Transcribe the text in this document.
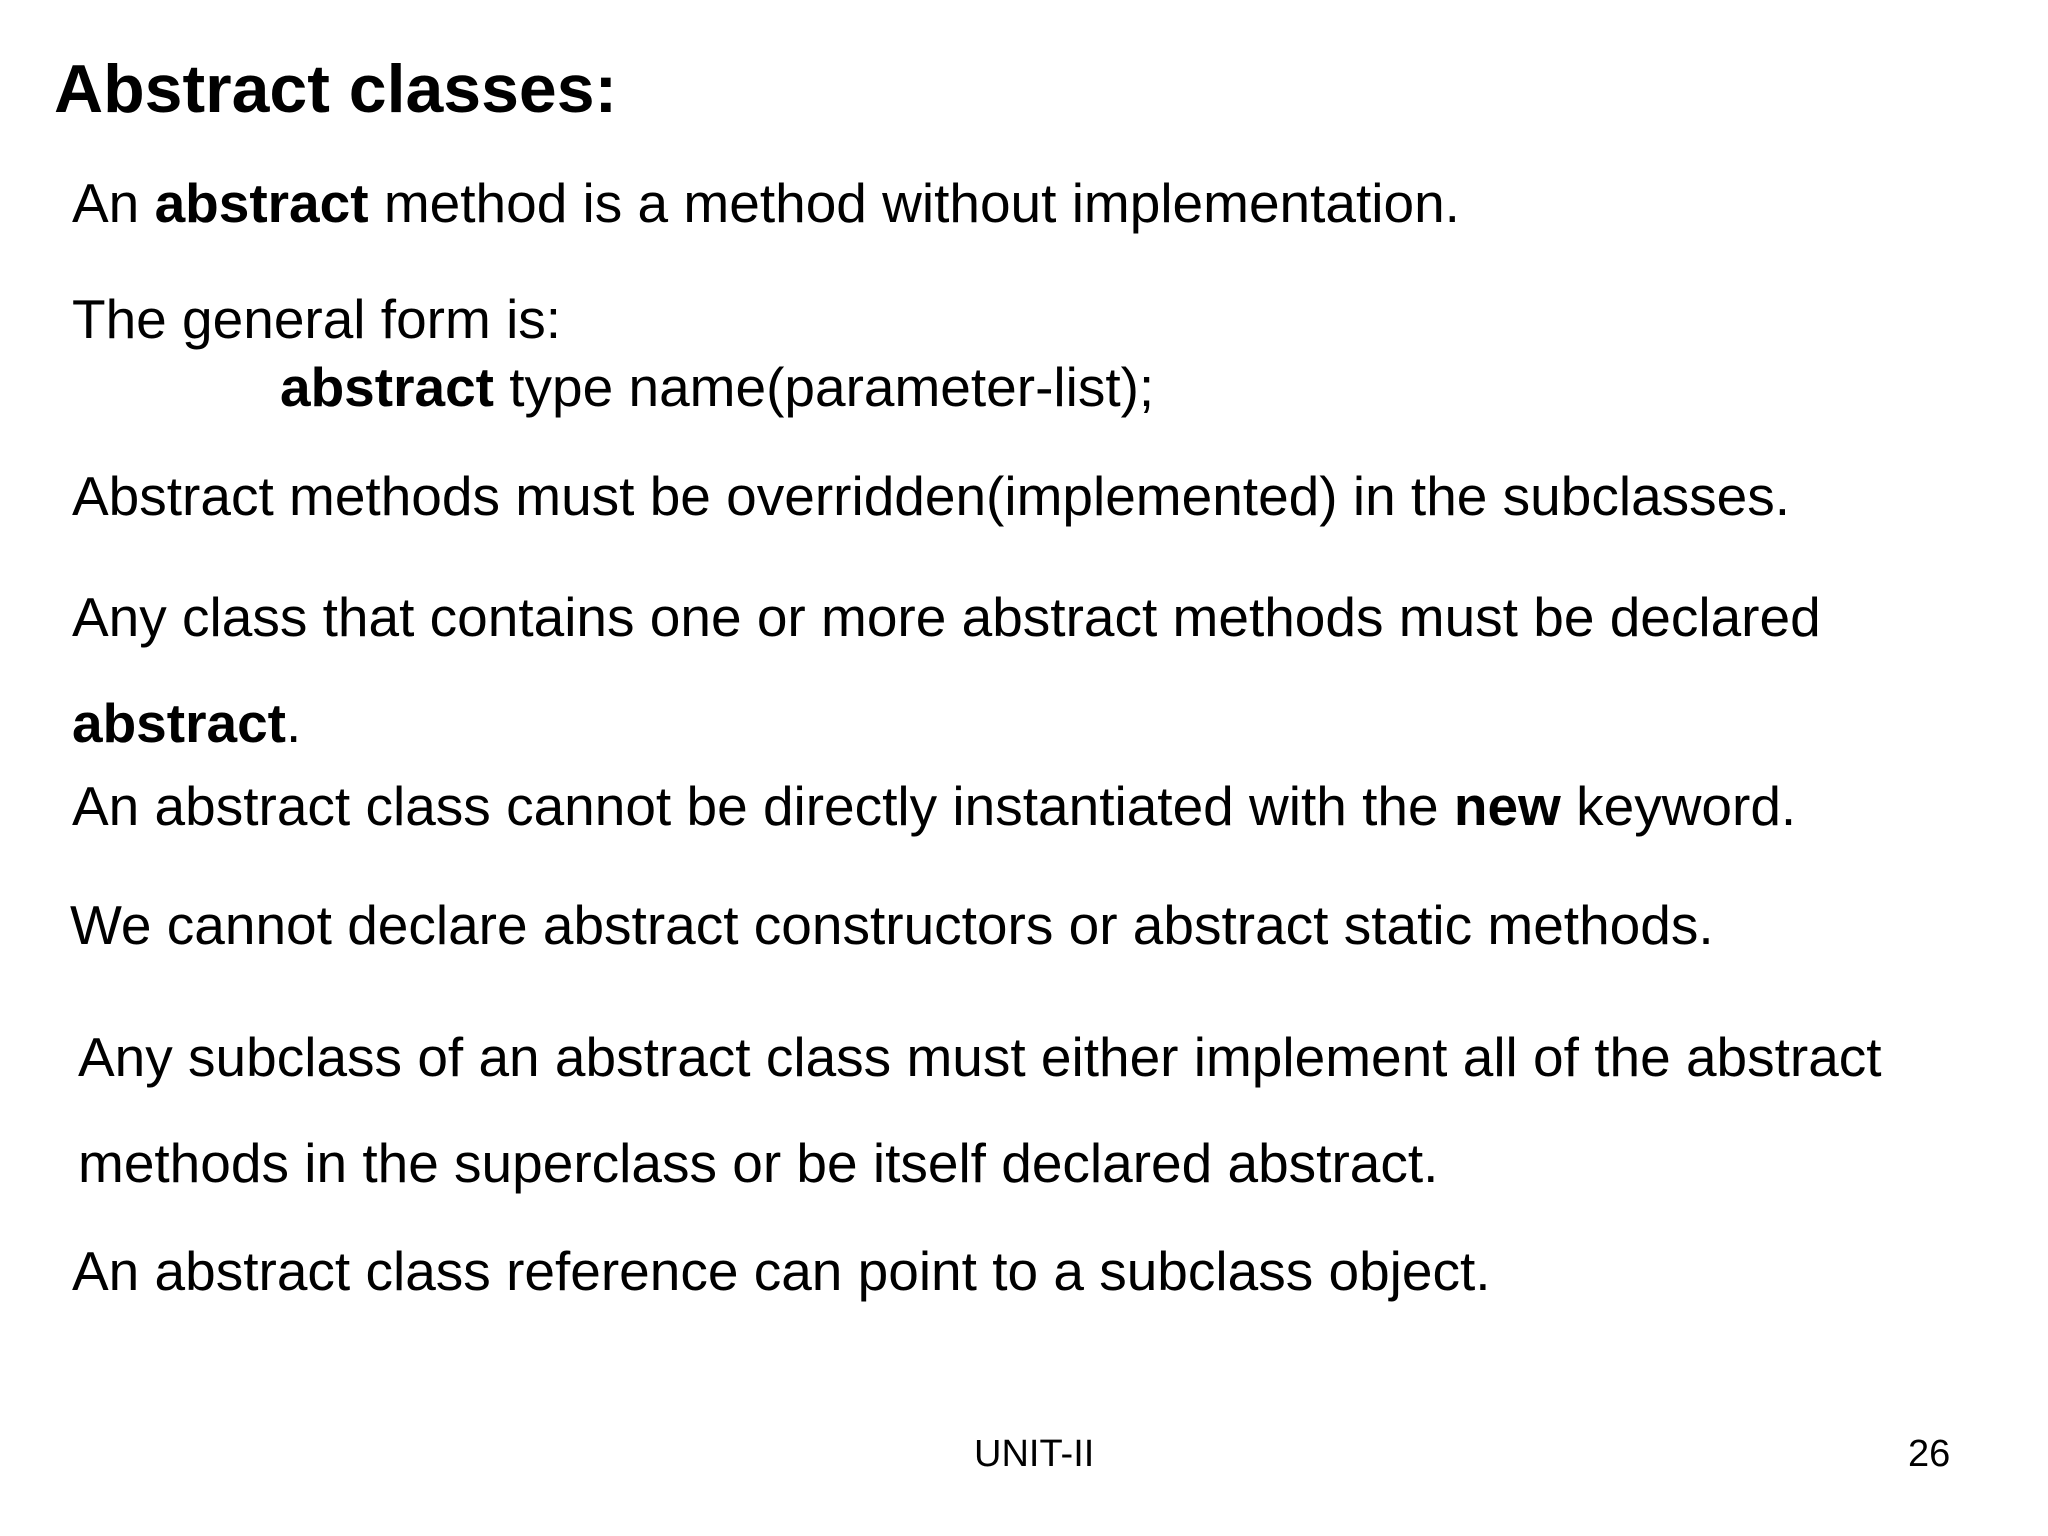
Abstract classes:
An abstract method is a method without implementation.
The general form is:
abstract type name(parameter-list);
Abstract methods must be overridden(implemented) in the subclasses.
Any class that contains one or more abstract methods must be declared
abstract.
An abstract class cannot be directly instantiated with the new keyword.
We cannot declare abstract constructors or abstract static methods.
Any subclass of an abstract class must either implement all of the abstract
methods in the superclass or be itself declared abstract.
An abstract class reference can point to a subclass object.
UNIT-II	26
